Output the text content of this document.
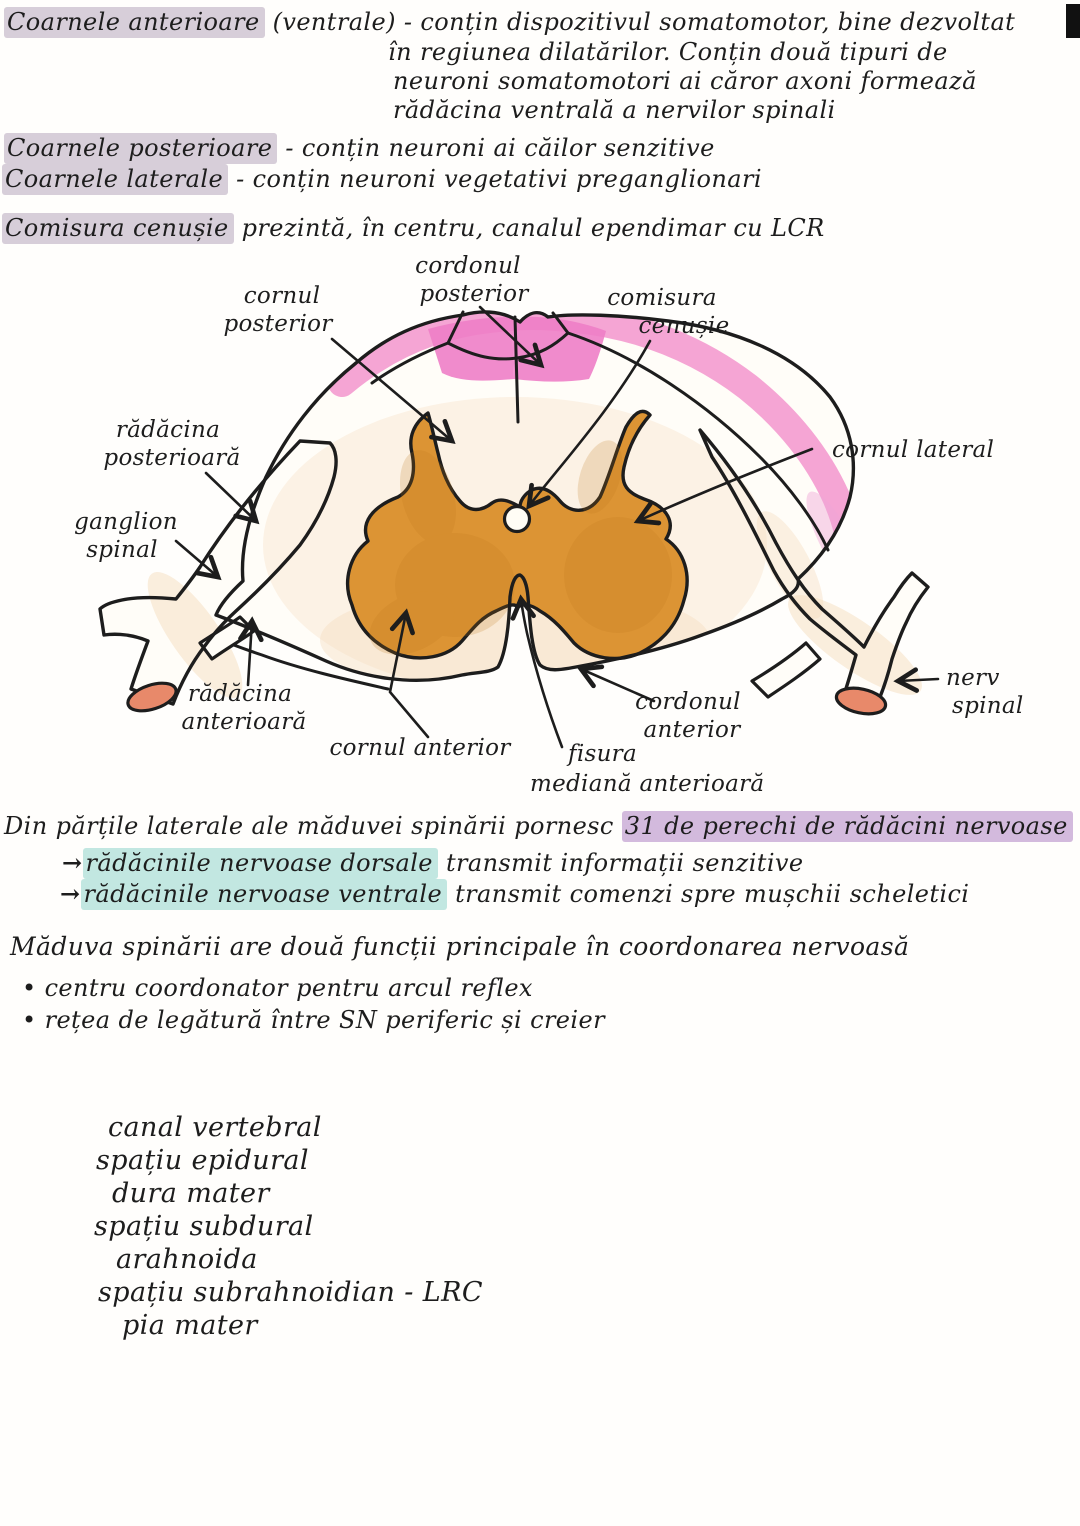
Coarnele anterioare (ventrale) - conțin dispozitivul somatomotor, bine dezvoltat
în regiunea dilatărilor. Conțin două tipuri de
neuroni somatomotori ai căror axoni formează
rădăcina ventrală a nervilor spinali
Coarnele posterioare - conțin neuroni ai căilor senzitive
Coarnele laterale - conțin neuroni vegetativi preganglionari
Comisura cenușie prezintă, în centru, canalul ependimar cu LCR
cordonul
posterior
cornul
posterior
comisura
cenușie
rădăcina
posterioară	cornul lateral
ganglion
spinal
rădăcina
anterioară
cornul anterior
cordonul
anterior
fisura
mediană anterioară
nerv
spinal
Din părțile laterale ale măduvei spinării pornesc 31 de perechi de rădăcini nervoase
→ rădăcinile nervoase dorsale transmit informații senzitive
→ rădăcinile nervoase ventrale transmit comenzi spre mușchii scheletici
Măduva spinării are două funcții principale în coordonarea nervoasă
• centru coordonator pentru arcul reflex
• rețea de legătură între SN periferic și creier
canal vertebral
spațiu epidural
dura mater
spațiu subdural
arahnoida
spațiu subrahnoidian - LRC
pia mater
